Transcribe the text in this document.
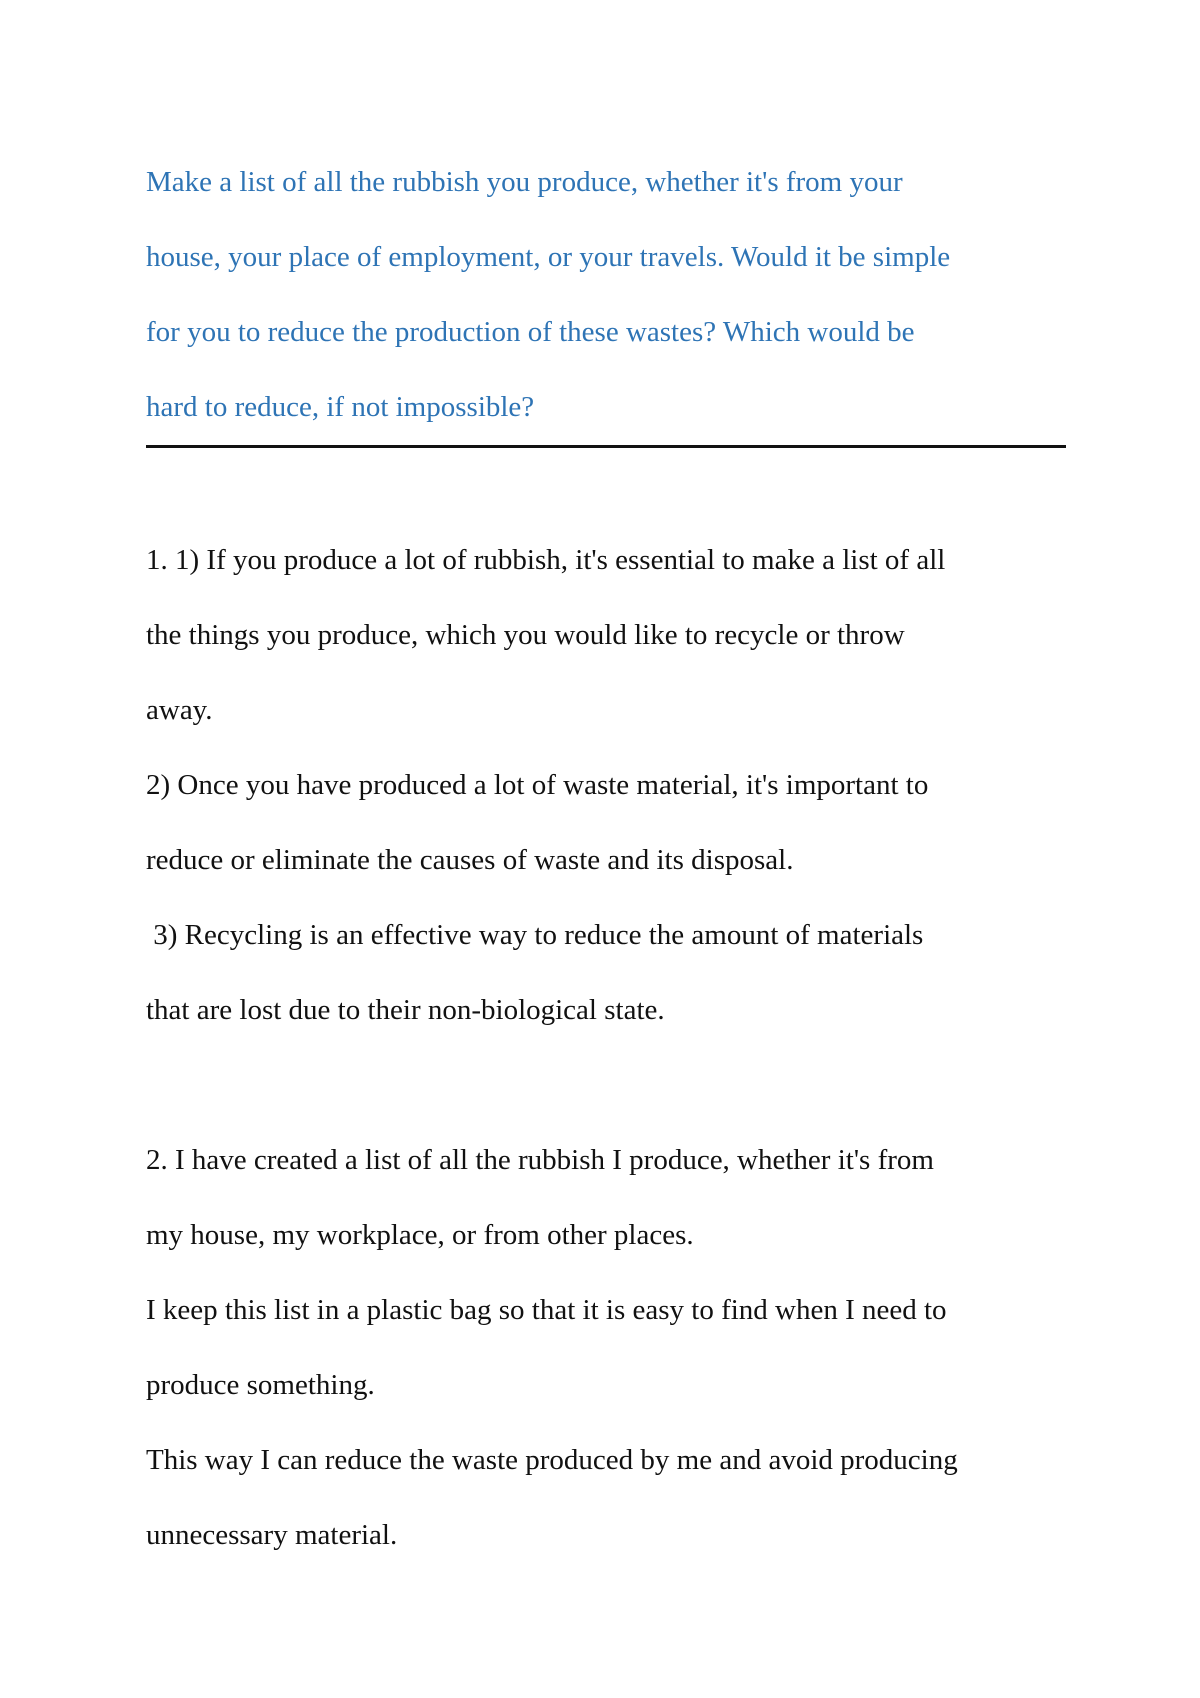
Make a list of all the rubbish you produce, whether it's from your
house, your place of employment, or your travels. Would it be simple
for you to reduce the production of these wastes? Which would be
hard to reduce, if not impossible?
1. 1) If you produce a lot of rubbish, it's essential to make a list of all
the things you produce, which you would like to recycle or throw
away.
2) Once you have produced a lot of waste material, it's important to
reduce or eliminate the causes of waste and its disposal.
3) Recycling is an effective way to reduce the amount of materials
that are lost due to their non-biological state.
2. I have created a list of all the rubbish I produce, whether it's from
my house, my workplace, or from other places.
I keep this list in a plastic bag so that it is easy to find when I need to
produce something.
This way I can reduce the waste produced by me and avoid producing
unnecessary material.
